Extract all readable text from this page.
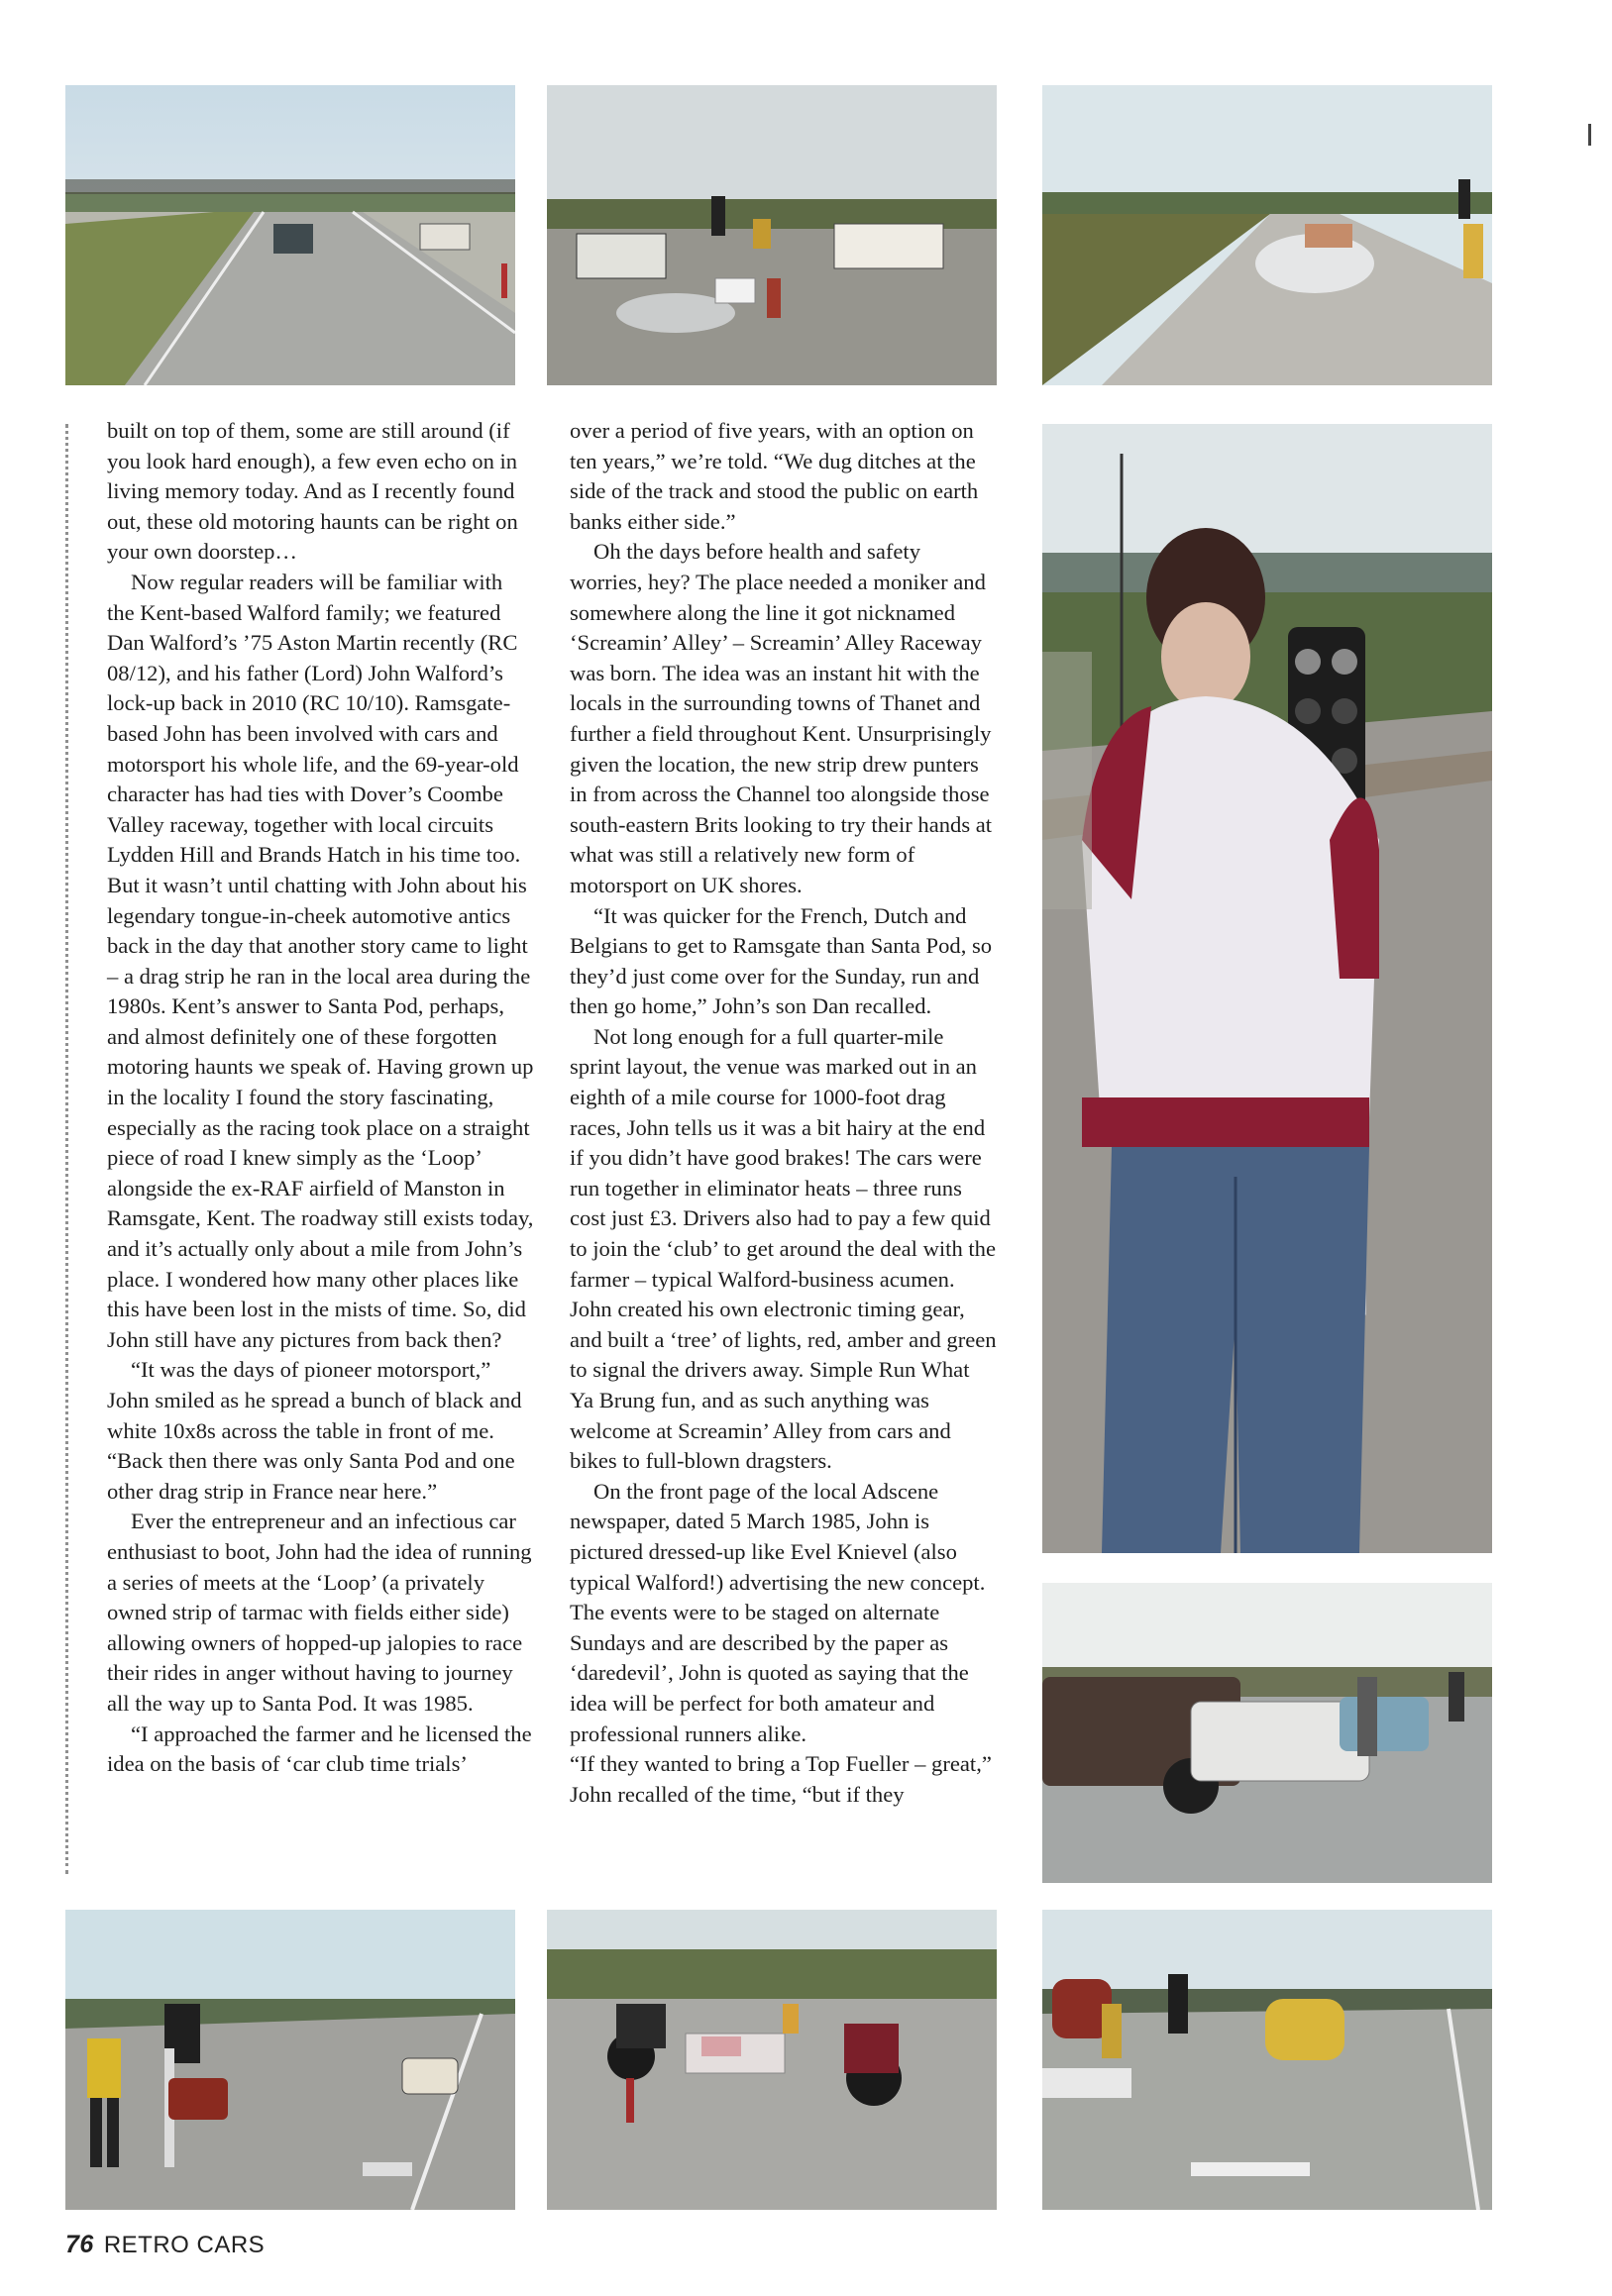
built on top of them, some are still around (if you look hard enough), a few even echo on in living memory today. And as I recently found out, these old motoring haunts can be right on your own doorstep…

Now regular readers will be familiar with the Kent-based Walford family; we featured Dan Walford’s ’75 Aston Martin recently (RC 08/12), and his father (Lord) John Walford’s lock-up back in 2010 (RC 10/10). Ramsgate-based John has been involved with cars and motorsport his whole life, and the 69-year-old character has had ties with Dover’s Coombe Valley raceway, together with local circuits Lydden Hill and Brands Hatch in his time too. But it wasn’t until chatting with John about his legendary tongue-in-cheek automotive antics back in the day that another story came to light – a drag strip he ran in the local area during the 1980s. Kent’s answer to Santa Pod, perhaps, and almost definitely one of these forgotten motoring haunts we speak of. Having grown up in the locality I found the story fascinating, especially as the racing took place on a straight piece of road I knew simply as the ‘Loop’ alongside the ex-RAF airfield of Manston in Ramsgate, Kent. The roadway still exists today, and it’s actually only about a mile from John’s place. I wondered how many other places like this have been lost in the mists of time. So, did John still have any pictures from back then?

“It was the days of pioneer motorsport,” John smiled as he spread a bunch of black and white 10x8s across the table in front of me. “Back then there was only Santa Pod and one other drag strip in France near here.”

Ever the entrepreneur and an infectious car enthusiast to boot, John had the idea of running a series of meets at the ‘Loop’ (a privately owned strip of tarmac with fields either side) allowing owners of hopped-up jalopies to race their rides in anger without having to journey all the way up to Santa Pod. It was 1985.

“I approached the farmer and he licensed the idea on the basis of ‘car club time trials’

over a period of five years, with an option on ten years,” we’re told. “We dug ditches at the side of the track and stood the public on earth banks either side.”

Oh the days before health and safety worries, hey? The place needed a moniker and somewhere along the line it got nicknamed ‘Screamin’ Alley’ – Screamin’ Alley Raceway was born. The idea was an instant hit with the locals in the surrounding towns of Thanet and further a field throughout Kent. Unsurprisingly given the location, the new strip drew punters in from across the Channel too alongside those south-eastern Brits looking to try their hands at what was still a relatively new form of motorsport on UK shores.

“It was quicker for the French, Dutch and Belgians to get to Ramsgate than Santa Pod, so they’d just come over for the Sunday, run and then go home,” John’s son Dan recalled.

Not long enough for a full quarter-mile sprint layout, the venue was marked out in an eighth of a mile course for 1000-foot drag races, John tells us it was a bit hairy at the end if you didn’t have good brakes! The cars were run together in eliminator heats – three runs cost just £3. Drivers also had to pay a few quid to join the ‘club’ to get around the deal with the farmer – typical Walford-business acumen. John created his own electronic timing gear, and built a ‘tree’ of lights, red, amber and green to signal the drivers away. Simple Run What Ya Brung fun, and as such anything was welcome at Screamin’ Alley from cars and bikes to full-blown dragsters.

On the front page of the local Adscene newspaper, dated 5 March 1985, John is pictured dressed-up like Evel Knievel (also typical Walford!) advertising the new concept. The events were to be staged on alternate Sundays and are described by the paper as ‘daredevil’, John is quoted as saying that the idea will be perfect for both amateur and professional runners alike.

“If they wanted to bring a Top Fueller – great,” John recalled of the time, “but if they

76 RETRO CARS
